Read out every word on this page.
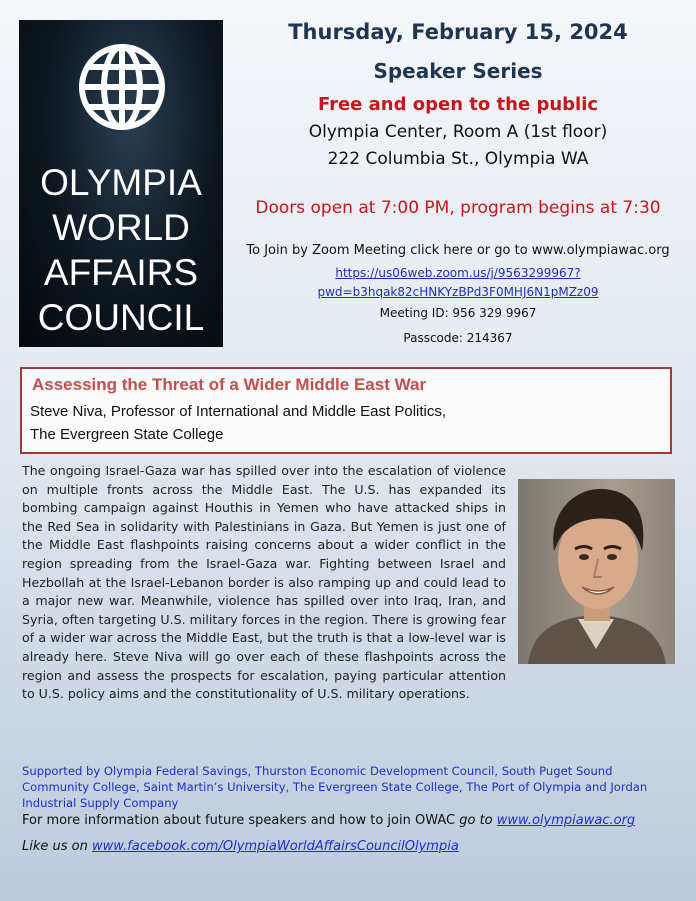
OLYMPIA
WORLD
AFFAIRS
COUNCIL
Thursday, February 15, 2024
Speaker Series
Free and open to the public
Olympia Center, Room A (1st floor)
222 Columbia St., Olympia WA
Doors open at 7:00 PM, program begins at 7:30
To Join by Zoom Meeting click here or go to www.olympiawac.org
https://us06web.zoom.us/j/9563299967?
pwd=b3hqak82cHNKYzBPd3F0MHJ6N1pMZz09
Meeting ID: 956 329 9967
Passcode: 214367
Assessing the Threat of a Wider Middle East War
Steve Niva, Professor of International and Middle East Politics,
The Evergreen State College
The ongoing Israel-Gaza war has spilled over into the escalation of violence on multiple fronts across the Middle East. The U.S. has expanded its bombing campaign against Houthis in Yemen who have attacked ships in the Red Sea in solidarity with Palestinians in Gaza. But Yemen is just one of the Middle East flashpoints raising concerns about a wider conflict in the region spreading from the Israel-Gaza war. Fighting between Israel and Hezbollah at the Israel-Lebanon border is also ramping up and could lead to a major new war. Meanwhile, violence has spilled over into Iraq, Iran, and Syria, often targeting U.S. military forces in the region. There is growing fear of a wider war across the Middle East, but the truth is that a low-level war is already here. Steve Niva will go over each of these flashpoints across the region and assess the prospects for escalation, paying particular attention to U.S. policy aims and the constitutionality of U.S. military operations.
Supported by Olympia Federal Savings, Thurston Economic Development Council, South Puget Sound Community College, Saint Martin’s University, The Evergreen State College, The Port of Olympia and Jordan Industrial Supply Company
For more information about future speakers and how to join OWAC go to www.olympiawac.org
Like us on www.facebook.com/OlympiaWorldAffairsCouncilOlympia
